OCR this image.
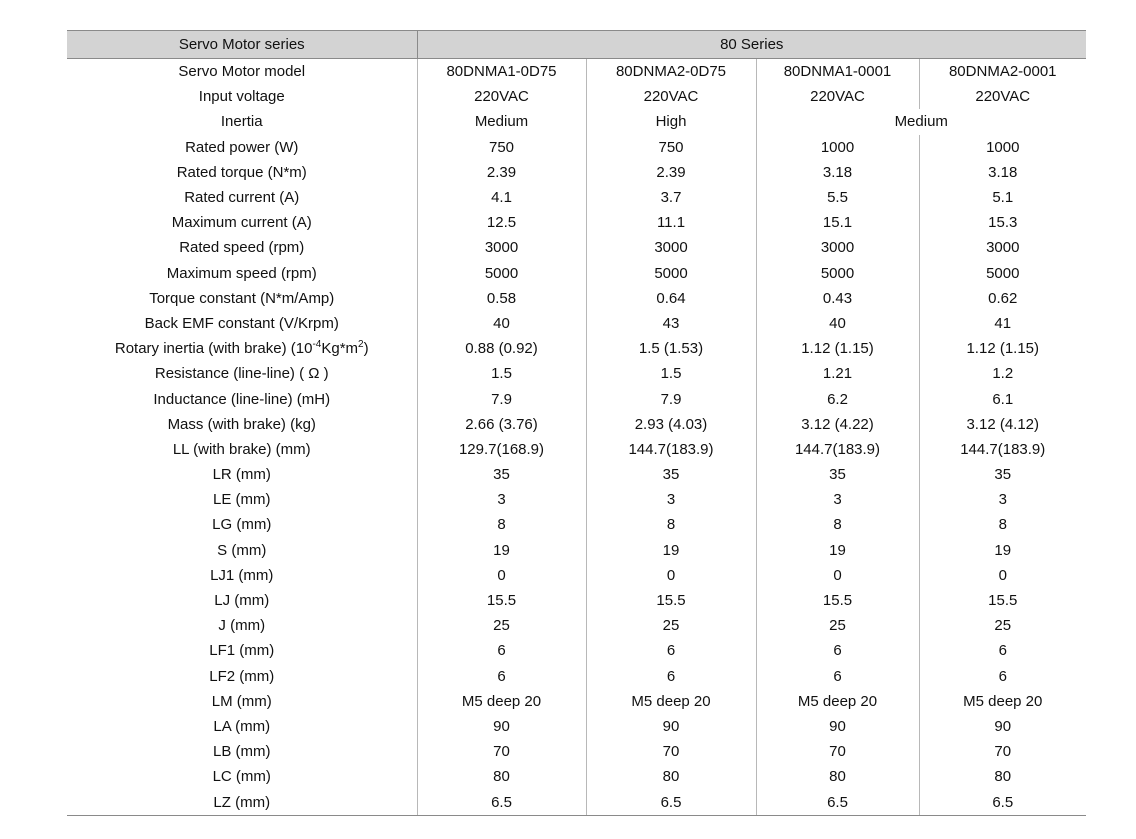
Servo Motor series	80 Series			
Servo Motor model	80DNMA1-0D75	80DNMA2-0D75	80DNMA1-0001	80DNMA2-0001
Input voltage	220VAC	220VAC	220VAC	220VAC
Inertia	Medium	High	Medium	
Rated power (W)	750	750	1000	1000
Rated torque (N*m)	2.39	2.39	3.18	3.18
Rated current (A)	4.1	3.7	5.5	5.1
Maximum current (A)	12.5	11.1	15.1	15.3
Rated speed (rpm)	3000	3000	3000	3000
Maximum speed (rpm)	5000	5000	5000	5000
Torque constant (N*m/Amp)	0.58	0.64	0.43	0.62
Back EMF constant (V/Krpm)	40	43	40	41
Rotary inertia (with brake) $(10^{-4}Kg*m^2)$	0.88 (0.92)	1.5 (1.53)	1.12 (1.15)	1.12 (1.15)
Resistance (line-line) ( Ω )	1.5	1.5	1.21	1.2
Inductance (line-line) (mH)	7.9	7.9	6.2	6.1
Mass (with brake) (kg)	2.66 (3.76)	2.93 (4.03)	3.12 (4.22)	3.12 (4.12)
LL (with brake) (mm)	129.7(168.9)	144.7(183.9)	144.7(183.9)	144.7(183.9)
LR (mm)	35	35	35	35
LE (mm)	3	3	3	3
LG (mm)	8	8	8	8
S (mm)	19	19	19	19
LJ1 (mm)	0	0	0	0
LJ (mm)	15.5	15.5	15.5	15.5
J (mm)	25	25	25	25
LF1 (mm)	6	6	6	6
LF2 (mm)	6	6	6	6
LM (mm)	M5 deep 20	M5 deep 20	M5 deep 20	M5 deep 20
LA (mm)	90	90	90	90
LB (mm)	70	70	70	70
LC (mm)	80	80	80	80
LZ (mm)	6.5	6.5	6.5	6.5
